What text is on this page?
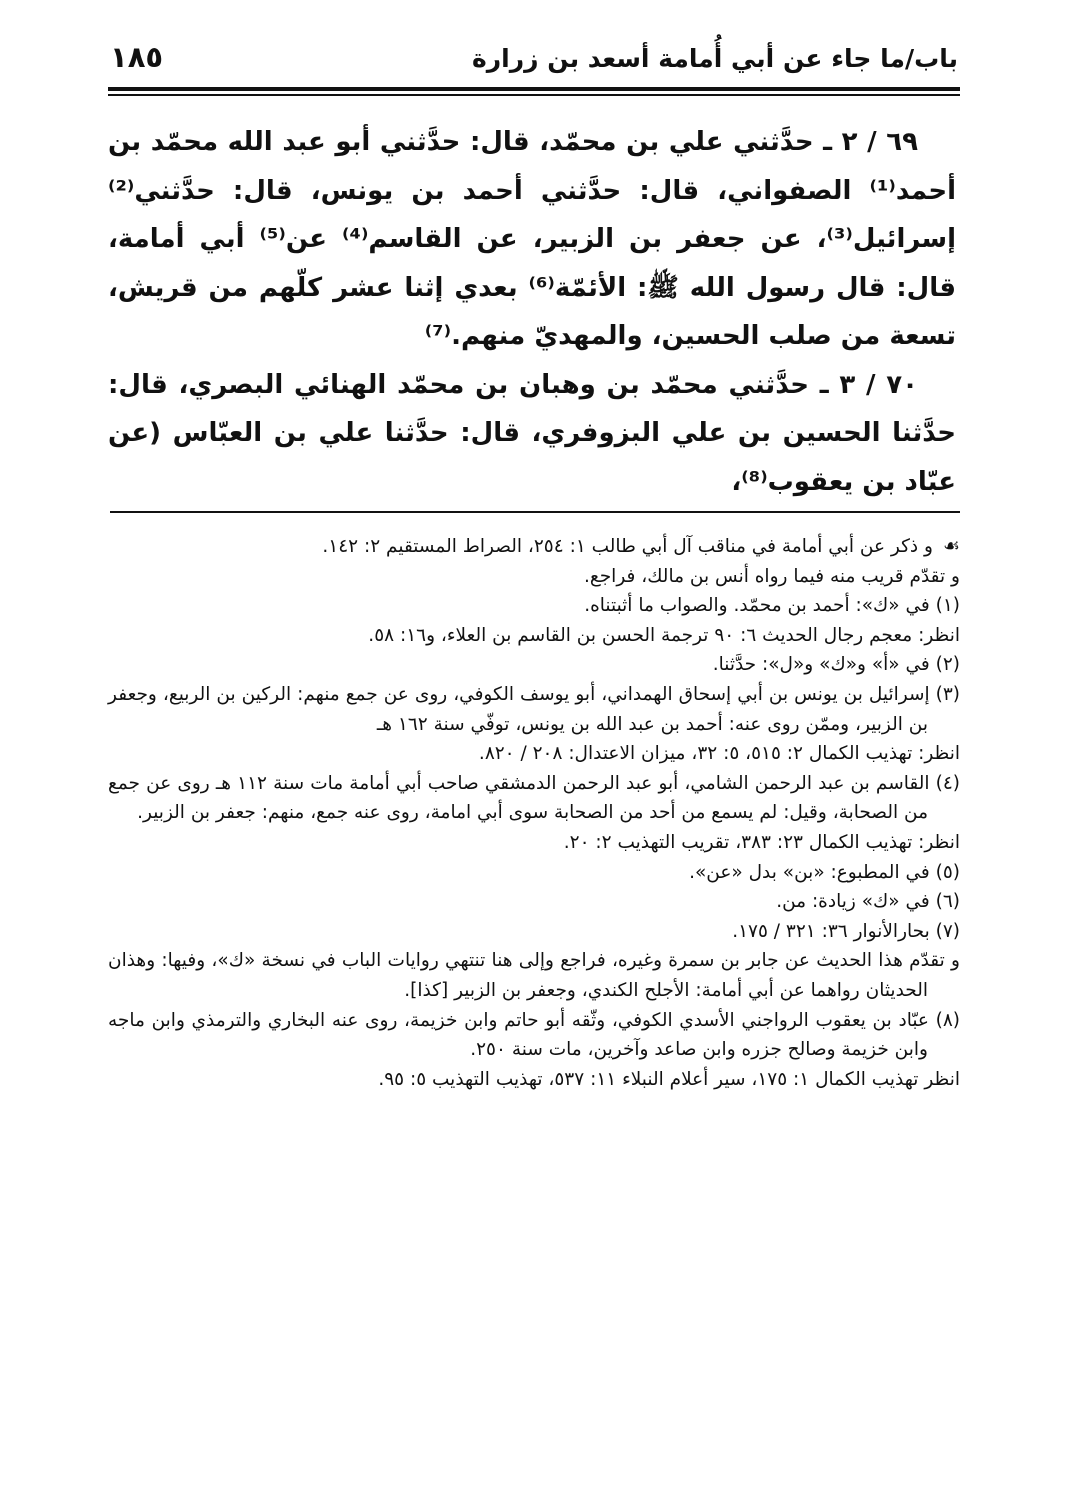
باب/ما جاء عن أبي أُمامة أسعد بن زرارة
١٨٥

٦٩ / ٢ ـ حدَّثني علي بن محمّد، قال: حدَّثني أبو عبد الله محمّد بن أحمد⁽¹⁾ الصفواني، قال: حدَّثني أحمد بن يونس، قال: حدَّثني⁽²⁾ إسرائيل⁽³⁾، عن جعفر بن الزبير، عن القاسم⁽⁴⁾ عن⁽⁵⁾ أبي أمامة، قال: قال رسول الله ﷺ: الأئمّة⁽⁶⁾ بعدي إثنا عشر كلّهم من قريش، تسعة من صلب الحسين، والمهديّ منهم.⁽⁷⁾

٧٠ / ٣ ـ حدَّثني محمّد بن وهبان بن محمّد الهنائي البصري، قال: حدَّثنا الحسين بن علي البزوفري، قال: حدَّثنا علي بن العبّاس (عن عبّاد بن يعقوب⁽⁸⁾،

☙و ذكر عن أبي أمامة في مناقب آل أبي طالب ١: ٢٥٤، الصراط المستقيم ٢: ١٤٢.

و تقدّم قريب منه فيما رواه أنس بن مالك، فراجع.

(١) في «ك»: أحمد بن محمّد. والصواب ما أثبتناه.

انظر: معجم رجال الحديث ٦: ٩٠ ترجمة الحسن بن القاسم بن العلاء، و١٦: ٥٨.

(٢) في «أ» و«ك» و«ل»: حدَّثنا.

(٣) إسرائيل بن يونس بن أبي إسحاق الهمداني، أبو يوسف الكوفي، روى عن جمع منهم: الركين بن الربيع، وجعفر بن الزبير، وممّن روى عنه: أحمد بن عبد الله بن يونس، توفّي سنة ١٦٢ هـ

انظر: تهذيب الكمال ٢: ٥١٥، ٥: ٣٢، ميزان الاعتدال: ٢٠٨ / ٨٢٠.

(٤) القاسم بن عبد الرحمن الشامي، أبو عبد الرحمن الدمشقي صاحب أبي أمامة مات سنة ١١٢ هـ روى عن جمع من الصحابة، وقيل: لم يسمع من أحد من الصحابة سوى أبي امامة، روى عنه جمع، منهم: جعفر بن الزبير.

انظر: تهذيب الكمال ٢٣: ٣٨٣، تقريب التهذيب ٢: ٢٠.

(٥) في المطبوع: «بن» بدل «عن».

(٦) في «ك» زيادة: من.

(٧) بحارالأنوار ٣٦: ٣٢١ / ١٧٥.

و تقدّم هذا الحديث عن جابر بن سمرة وغيره، فراجع وإلى هنا تنتهي روايات الباب في نسخة «ك»، وفيها: وهذان الحديثان رواهما عن أبي أمامة: الأجلح الكندي، وجعفر بن الزبير [كذا].

(٨) عبّاد بن يعقوب الرواجني الأسدي الكوفي، وثّقه أبو حاتم وابن خزيمة، روى عنه البخاري والترمذي وابن ماجه وابن خزيمة وصالح جزره وابن صاعد وآخرين، مات سنة ٢٥٠.

انظر تهذيب الكمال ١: ١٧٥، سير أعلام النبلاء ١١: ٥٣٧، تهذيب التهذيب ٥: ٩٥.
